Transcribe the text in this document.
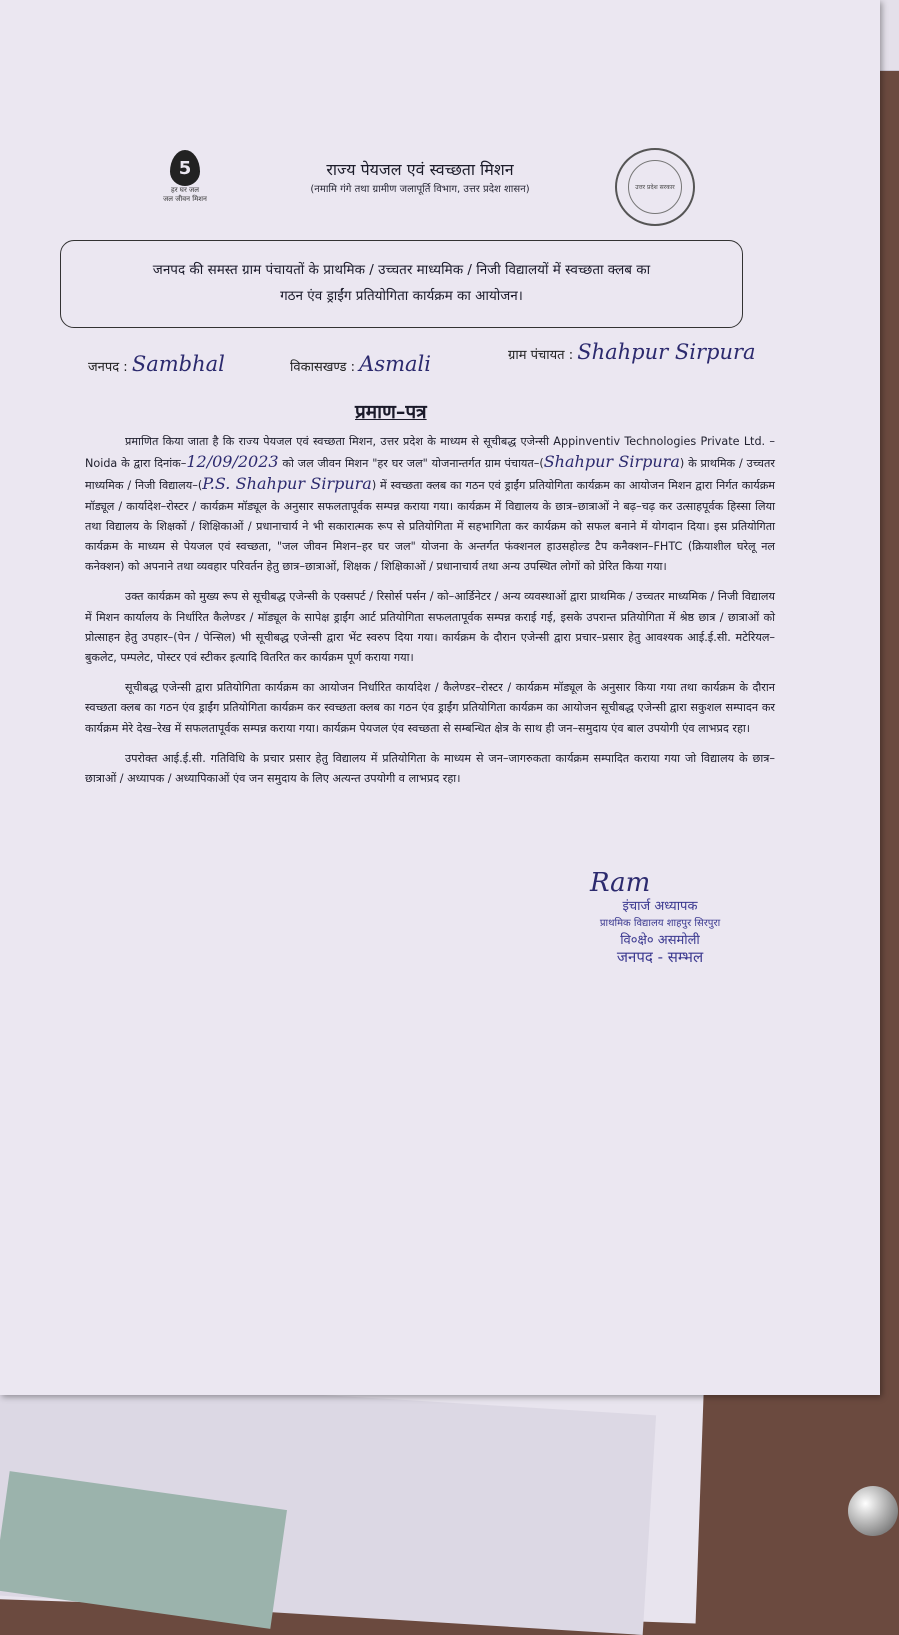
5
हर घर जल
जल जीवन मिशन
राज्य पेयजल एवं स्वच्छता मिशन
(नमामि गंगे तथा ग्रामीण जलापूर्ति विभाग, उत्तर प्रदेश शासन)	उत्तर प्रदेश सरकार
जनपद की समस्त ग्राम पंचायतों के प्राथमिक / उच्चतर माध्यमिक / निजी विद्यालयों में स्वच्छता क्लब का
गठन एंव ड्राईंग प्रतियोगिता कार्यक्रम का आयोजन।
जनपद : Sambhal	विकासखण्ड : Asmali	ग्राम पंचायत : Shahpur Sirpura
प्रमाण–पत्र

प्रमाणित किया जाता है कि राज्य पेयजल एवं स्वच्छता मिशन, उत्तर प्रदेश के माध्यम से सूचीबद्ध एजेन्सी Appinventiv Technologies Private Ltd. – Noida के द्वारा दिनांक–12/09/2023 को जल जीवन मिशन "हर घर जल" योजनान्तर्गत ग्राम पंचायत–(Shahpur Sirpura) के प्राथमिक / उच्चतर माध्यमिक / निजी विद्यालय–(P.S. Shahpur Sirpura) में स्वच्छता क्लब का गठन एवं ड्राईंग प्रतियोगिता कार्यक्रम का आयोजन मिशन द्वारा निर्गत कार्यक्रम मॉड्यूल / कार्यादेश–रोस्टर / कार्यक्रम मॉड्यूल के अनुसार सफलतापूर्वक सम्पन्न कराया गया। कार्यक्रम में विद्यालय के छात्र–छात्राओं ने बढ़–चढ़ कर उत्साहपूर्वक हिस्सा लिया तथा विद्यालय के शिक्षकों / शिक्षिकाओं / प्रधानाचार्य ने भी सकारात्मक रूप से प्रतियोगिता में सहभागिता कर कार्यक्रम को सफल बनाने में योगदान दिया। इस प्रतियोगिता कार्यक्रम के माध्यम से पेयजल एवं स्वच्छता, "जल जीवन मिशन–हर घर जल" योजना के अन्तर्गत फंक्शनल हाउसहोल्ड टैप कनैक्शन–FHTC (क्रियाशील घरेलू नल कनेक्शन) को अपनाने तथा व्यवहार परिवर्तन हेतु छात्र–छात्राओं, शिक्षक / शिक्षिकाओं / प्रधानाचार्य तथा अन्य उपस्थित लोगों को प्रेरित किया गया।

उक्त कार्यक्रम को मुख्य रूप से सूचीबद्ध एजेन्सी के एक्सपर्ट / रिसोर्स पर्सन / को–आर्डिनेटर / अन्य व्यवस्थाओं द्वारा प्राथमिक / उच्चतर माध्यमिक / निजी विद्यालय में मिशन कार्यालय के निर्धारित कैलेण्डर / मॉड्यूल के सापेक्ष ड्राईंग आर्ट प्रतियोगिता सफलतापूर्वक सम्पन्न कराई गई, इसके उपरान्त प्रतियोगिता में श्रेष्ठ छात्र / छात्राओं को प्रोत्साहन हेतु उपहार–(पेन / पेन्सिल) भी सूचीबद्ध एजेन्सी द्वारा भेंट स्वरुप दिया गया। कार्यक्रम के दौरान एजेन्सी द्वारा प्रचार–प्रसार हेतु आवश्यक आई.ई.सी. मटेरियल–बुकलेट, पम्पलेट, पोस्टर एवं स्टीकर इत्यादि वितरित कर कार्यक्रम पूर्ण कराया गया।

सूचीबद्ध एजेन्सी द्वारा प्रतियोगिता कार्यक्रम का आयोजन निर्धारित कार्यादेश / कैलेण्डर–रोस्टर / कार्यक्रम मॉड्यूल के अनुसार किया गया तथा कार्यक्रम के दौरान स्वच्छता क्लब का गठन एंव ड्राईंग प्रतियोगिता कार्यक्रम कर स्वच्छता क्लब का गठन एंव ड्राईंग प्रतियोगिता कार्यक्रम का आयोजन सूचीबद्ध एजेन्सी द्वारा सकुशल सम्पादन कर कार्यक्रम मेरे देख–रेख में सफलतापूर्वक सम्पन्न कराया गया। कार्यक्रम पेयजल एंव स्वच्छता से सम्बन्धित क्षेत्र के साथ ही जन–समुदाय एंव बाल उपयोगी एंव लाभप्रद रहा।

उपरोक्त आई.ई.सी. गतिविधि के प्रचार प्रसार हेतु विद्यालय में प्रतियोगिता के माध्यम से जन–जागरुकता कार्यक्रम सम्पादित कराया गया जो विद्यालय के छात्र–छात्राओं / अध्यापक / अध्यापिकाओं एंव जन समुदाय के लिए अत्यन्त उपयोगी व लाभप्रद रहा।

Ram
इंचार्ज अध्यापक
प्राथमिक विद्यालय शाहपुर सिरपुरा
वि०क्षे० असमोली
जनपद - सम्भल
